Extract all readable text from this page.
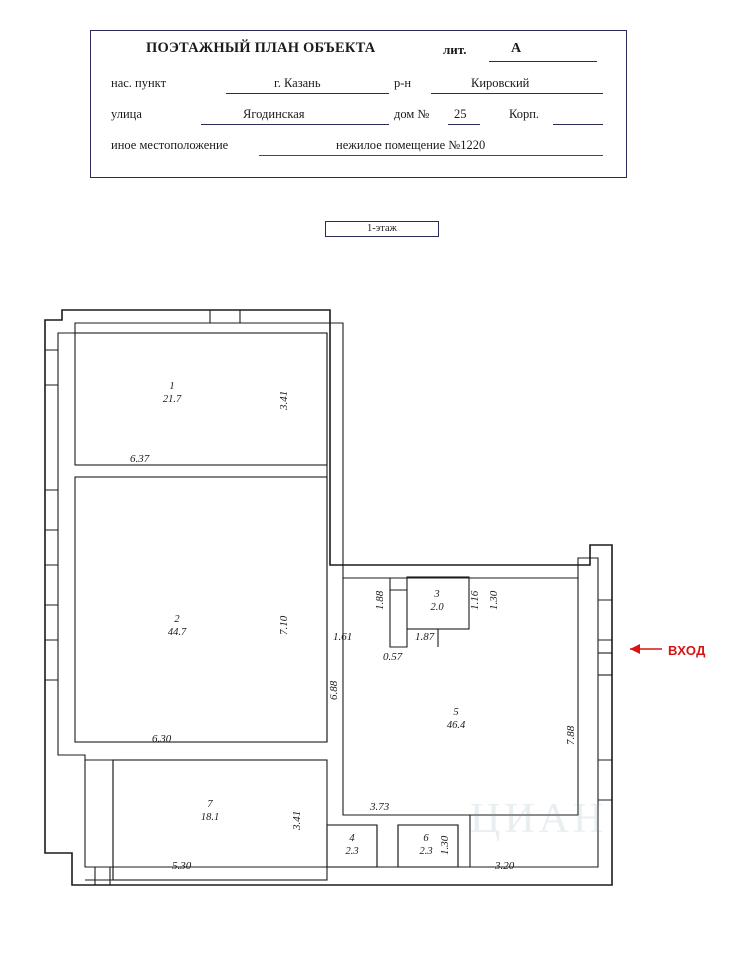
ПОЭТАЖНЫЙ ПЛАН ОБЪЕКТА	лит.	А
нас. пункт	г. Казань	р-н	Кировский
улица	Ягодинская	дом № 25	Корп.
иное местоположение	нежилое помещение №1220
1-этаж
1
21.7
2
44.7
3
2.0
4
2.3
5
46.4
6
2.3
7
18.1
6.37
3.41
6.30
7.10
6.88
5.30
3.41
1.61
1.88
0.57
1.87
1.16 1.30
1.30
3.73
3.20
7.88
ВХОД
ЦИАН
